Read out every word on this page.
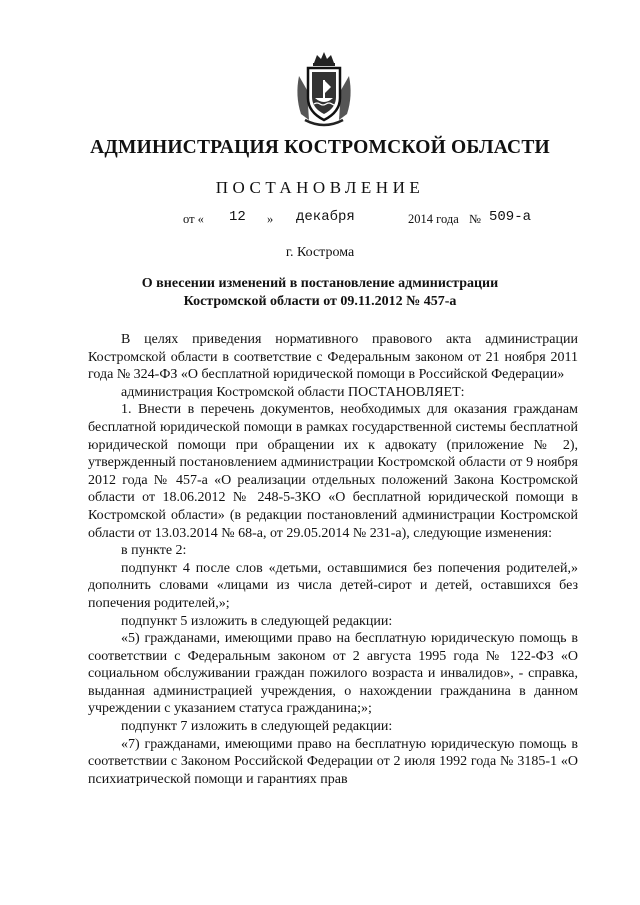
АДМИНИСТРАЦИЯ КОСТРОМСКОЙ ОБЛАСТИ
ПОСТАНОВЛЕНИЕ
от « 12 » декабря	2014 года № 509-а
г. Кострома
О внесении изменений в постановление администрации
Костромской области от 09.11.2012 № 457-а

В целях приведения нормативного правового акта администрации Костромской области в соответствие с Федеральным законом от 21 ноября 2011 года № 324-ФЗ «О бесплатной юридической помощи в Российской Федерации»

администрация Костромской области ПОСТАНОВЛЯЕТ:

1. Внести в перечень документов, необходимых для оказания гражданам бесплатной юридической помощи в рамках государственной системы бесплатной юридической помощи при обращении их к адвокату (приложение № 2), утвержденный постановлением администрации Костромской области от 9 ноября 2012 года № 457-а «О реализации отдельных положений Закона Костромской области от 18.06.2012 № 248-5-ЗКО «О бесплатной юридической помощи в Костромской области» (в редакции постановлений администрации Костромской области от 13.03.2014 № 68-а, от 29.05.2014 № 231-а), следующие изменения:

в пункте 2:

подпункт 4 после слов «детьми, оставшимися без попечения родителей,» дополнить словами «лицами из числа детей-сирот и детей, оставшихся без попечения родителей,»;

подпункт 5 изложить в следующей редакции:

«5) гражданами, имеющими право на бесплатную юридическую помощь в соответствии с Федеральным законом от 2 августа 1995 года № 122-ФЗ «О социальном обслуживании граждан пожилого возраста и инвалидов», - справка, выданная администрацией учреждения, о нахождении гражданина в данном учреждении с указанием статуса гражданина;»;

подпункт 7 изложить в следующей редакции:

«7) гражданами, имеющими право на бесплатную юридическую помощь в соответствии с Законом Российской Федерации от 2 июля 1992 года № 3185-1 «О психиатрической помощи и гарантиях прав
